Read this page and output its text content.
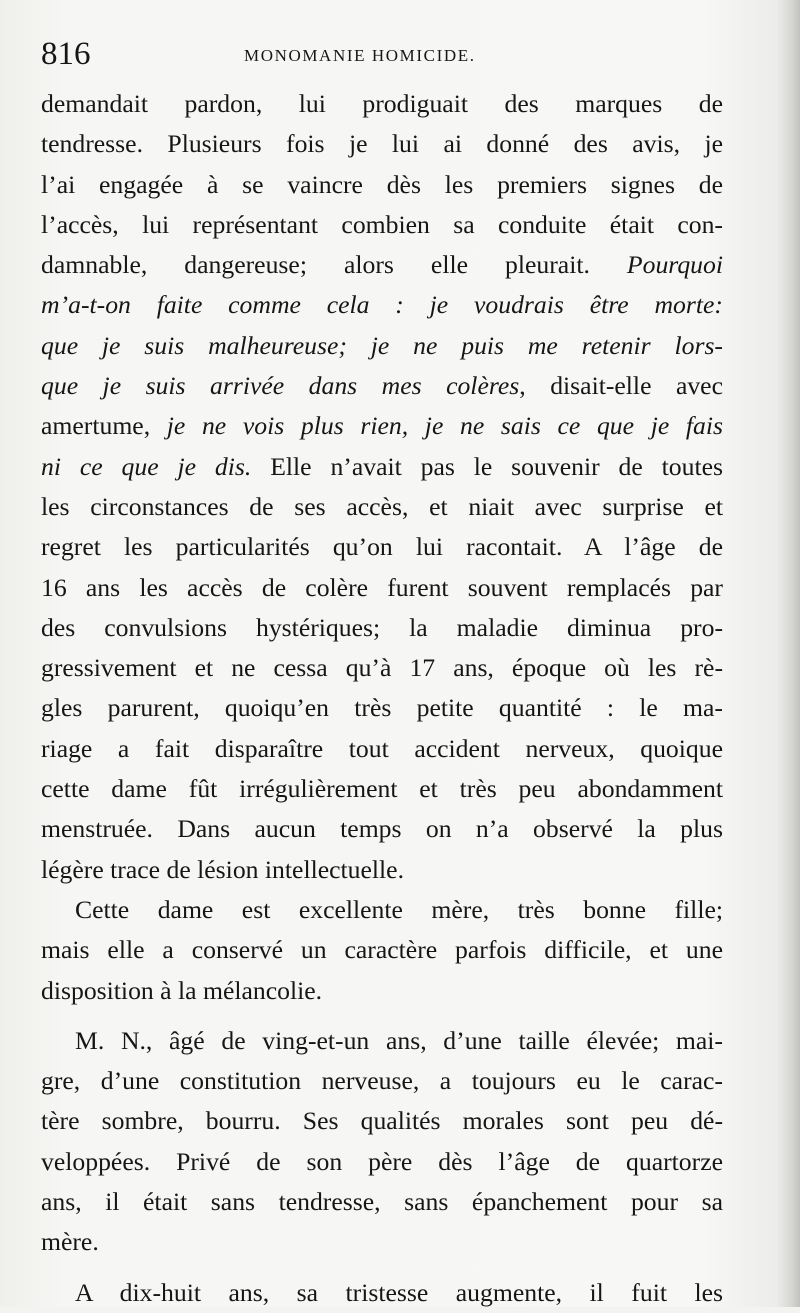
816	MONOMANIE HOMICIDE.
demandait pardon, lui prodiguait des marques de
tendresse. Plusieurs fois je lui ai donné des avis, je
l’ai engagée à se vaincre dès les premiers signes de
l’accès, lui représentant combien sa conduite était con-
damnable, dangereuse; alors elle pleurait. Pourquoi
m’a-t-on faite comme cela : je voudrais être morte:
que je suis malheureuse; je ne puis me retenir lors-
que je suis arrivée dans mes colères, disait-elle avec
amertume, je ne vois plus rien, je ne sais ce que je fais
ni ce que je dis. Elle n’avait pas le souvenir de toutes
les circonstances de ses accès, et niait avec surprise et
regret les particularités qu’on lui racontait. A l’âge de
16 ans les accès de colère furent souvent remplacés par
des convulsions hystériques; la maladie diminua pro-
gressivement et ne cessa qu’à 17 ans, époque où les rè-
gles parurent, quoiqu’en très petite quantité : le ma-
riage a fait disparaître tout accident nerveux, quoique
cette dame fût irrégulièrement et très peu abondamment
menstruée. Dans aucun temps on n’a observé la plus
légère trace de lésion intellectuelle.
Cette dame est excellente mère, très bonne fille;
mais elle a conservé un caractère parfois difficile, et une
disposition à la mélancolie.
M. N., âgé de ving-et-un ans, d’une taille élevée; mai-
gre, d’une constitution nerveuse, a toujours eu le carac-
tère sombre, bourru. Ses qualités morales sont peu dé-
veloppées. Privé de son père dès l’âge de quartorze
ans, il était sans tendresse, sans épanchement pour sa
mère.
A dix-huit ans, sa tristesse augmente, il fuit les
